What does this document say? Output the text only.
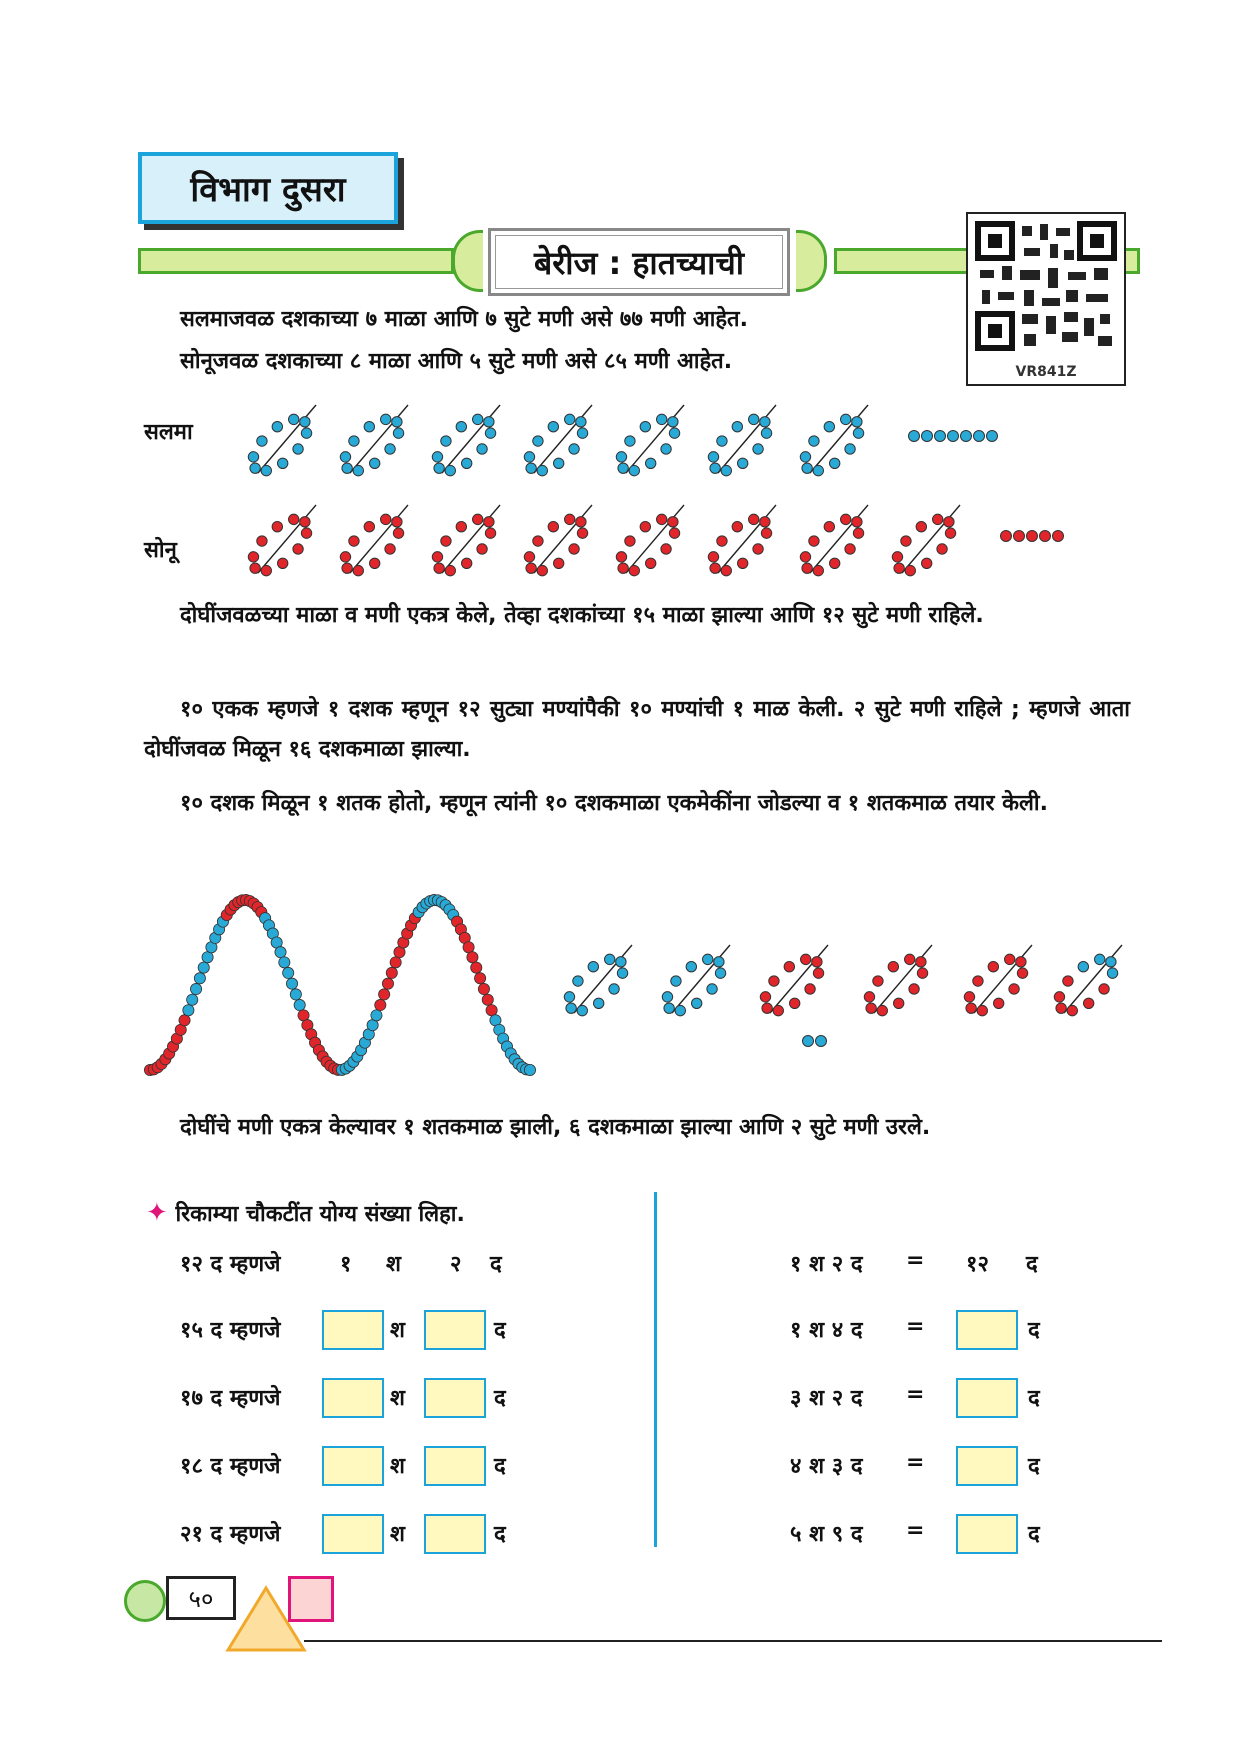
विभाग दुसरा
बेरीज : हातच्याची
VR841Z
सलमाजवळ दशकाच्या ७ माळा आणि ७ सुटे मणी असे ७७ मणी आहेत.
सोनूजवळ दशकाच्या ८ माळा आणि ५ सुटे मणी असे ८५ मणी आहेत.
सलमा
सोनू
दोघींजवळच्या माळा व मणी एकत्र केले, तेव्हा दशकांच्या १५ माळा झाल्या आणि १२ सुटे मणी राहिले.
१० एकक म्हणजे १ दशक म्हणून १२ सुट्या मण्यांपैकी १० मण्यांची १ माळ केली. २ सुटे मणी राहिले ; म्हणजे आता दोघींजवळ मिळून १६ दशकमाळा झाल्या.
१० दशक मिळून १ शतक होतो, म्हणून त्यांनी १० दशकमाळा एकमेकींना जोडल्या व १ शतकमाळ तयार केली.
दोघींचे मणी एकत्र केल्यावर १ शतकमाळ झाली, ६ दशकमाळा झाल्या आणि २ सुटे मणी उरले.
✦ रिकाम्या चौकटींत योग्य संख्या लिहा.
१२ द म्हणजे	१ श २ द
१५ द म्हणजे	श	द
१७ द म्हणजे	श	द
१८ द म्हणजे	श	द
२१ द म्हणजे	श	द
१ श २ द = १२ द
१ श ४ द =	द
३ श २ द =	द
४ श ३ द =	द
५ श ९ द =	द
५०
